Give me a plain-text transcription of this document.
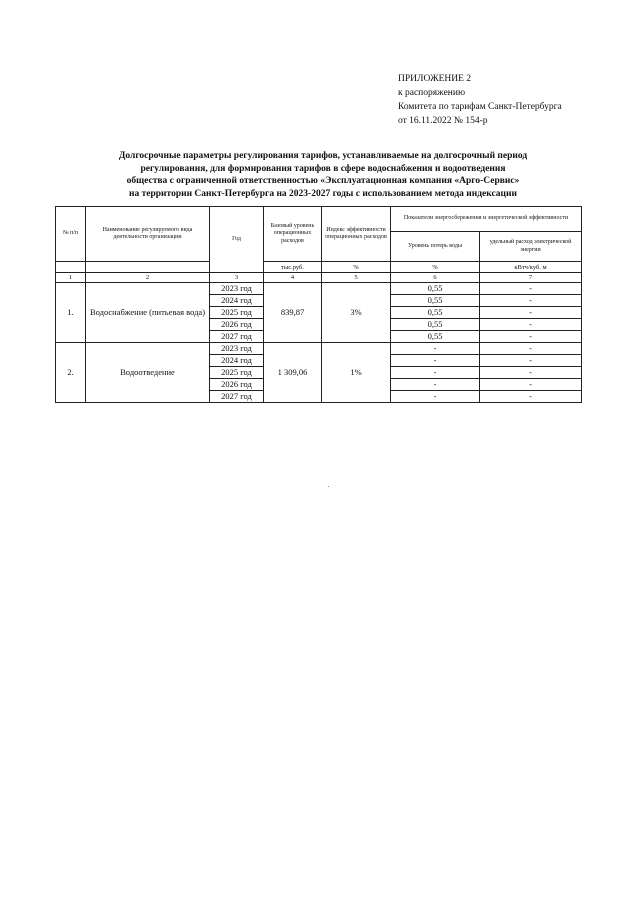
ПРИЛОЖЕНИЕ 2
к распоряжению
Комитета по тарифам Санкт-Петербурга
от 16.11.2022 № 154-р
Долгосрочные параметры регулирования тарифов, устанавливаемые на долгосрочный период
регулирования, для формирования тарифов в сфере водоснабжения и водоотведения
общества с ограниченной ответственностью «Эксплуатационная компания «Арго-Сервис»
на территории Санкт-Петербурга на 2023-2027 годы с использованием метода индексации
№ п/п	Наименование регулируемого вида деятельности организации	Год	Базовый уровень операционных расходов	Индекс эффективности операционных расходов	Показатели энергосбережения и энергетической эффективности	
					Уровень потерь воды	удельный расход электрической энергии
			тыс.руб.	%	%	кВтч/куб. м
1	2	3	4	5	6	7
1.	Водоснабжение (питьевая вода)	2023 год	839,87	3%	0,55	-
		2024 год			0,55	-
		2025 год			0,55	-
		2026 год			0,55	-
		2027 год			0,55	-
2.	Водоотведение	2023 год	1 309,06	1%	-	-
		2024 год			-	-
		2025 год			-	-
		2026 год			-	-
		2027 год			-	-
